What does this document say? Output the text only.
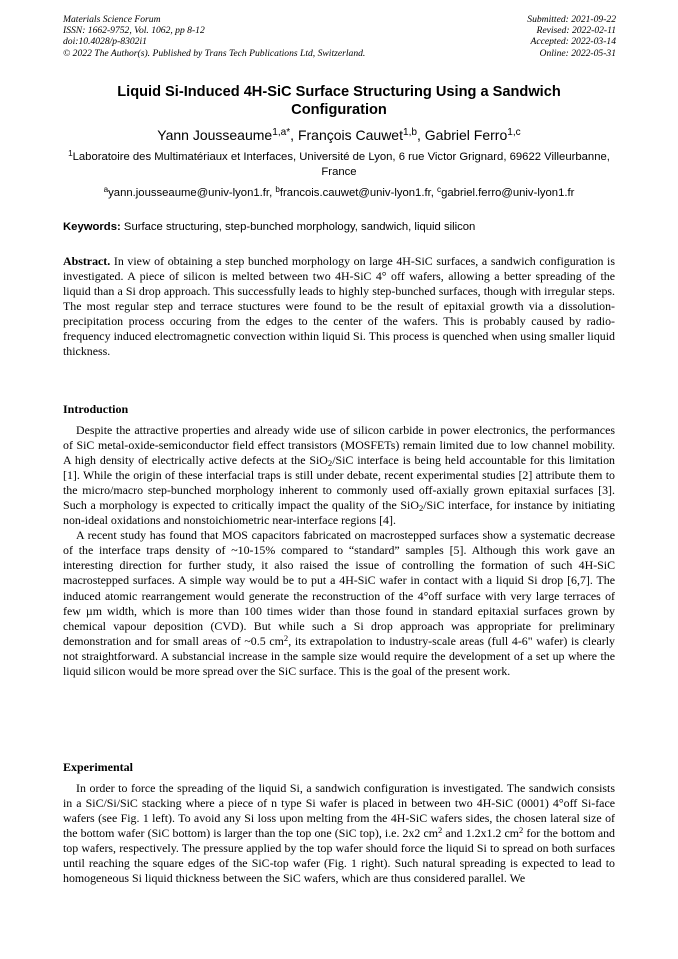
Materials Science Forum
ISSN: 1662-9752, Vol. 1062, pp 8-12
doi:10.4028/p-8302i1
© 2022 The Author(s). Published by Trans Tech Publications Ltd, Switzerland.
Submitted: 2021-09-22
Revised: 2022-02-11
Accepted: 2022-03-14
Online: 2022-05-31
Liquid Si-Induced 4H-SiC Surface Structuring Using a Sandwich
Configuration
Yann Jousseaume$^{1,a*}$, François Cauwet$^{1,b}$, Gabriel Ferro$^{1,c}$
$^1$Laboratoire des Multimatériaux et Interfaces, Université de Lyon, 6 rue Victor Grignard, 69622 Villeurbanne, France
$^a$yann.jousseaume@univ-lyon1.fr, $^b$francois.cauwet@univ-lyon1.fr, $^c$gabriel.ferro@univ-lyon1.fr
Keywords: Surface structuring, step-bunched morphology, sandwich, liquid silicon

Abstract. In view of obtaining a step bunched morphology on large 4H-SiC surfaces, a sandwich configuration is investigated. A piece of silicon is melted between two 4H-SiC 4° off wafers, allowing a better spreading of the liquid than a Si drop approach. This successfully leads to highly step-bunched surfaces, though with irregular steps. The most regular step and terrace stuctures were found to be the result of epitaxial growth via a dissolution-precipitation process occuring from the edges to the center of the wafers. This is probably caused by radio-frequency induced electromagnetic convection within liquid Si. This process is quenched when using smaller liquid thickness.

Introduction

Despite the attractive properties and already wide use of silicon carbide in power electronics, the performances of SiC metal-oxide-semiconductor field effect transistors (MOSFETs) remain limited due to low channel mobility. A high density of electrically active defects at the SiO$_2$/SiC interface is being held accountable for this limitation [1]. While the origin of these interfacial traps is still under debate, recent experimental studies [2] attribute them to the micro/macro step-bunched morphology inherent to commonly used off-axially grown epitaxial surfaces [3]. Such a morphology is expected to critically impact the quality of the SiO$_2$/SiC interface, for instance by initiating non-ideal oxidations and nonstoichiometric near-interface regions [4].

A recent study has found that MOS capacitors fabricated on macrostepped surfaces show a systematic decrease of the interface traps density of ~10-15% compared to “standard” samples [5]. Although this work gave an interesting direction for further study, it also raised the issue of controlling the formation of such 4H-SiC macrostepped surfaces. A simple way would be to put a 4H-SiC wafer in contact with a liquid Si drop [6,7]. The induced atomic rearrangement would generate the reconstruction of the 4°off surface with very large terraces of few µm width, which is more than 100 times wider than those found in standard epitaxial surfaces grown by chemical vapour deposition (CVD). But while such a Si drop approach was appropriate for preliminary demonstration and for small areas of ~0.5 $cm^2$, its extrapolation to industry-scale areas (full 4-6" wafer) is clearly not straightforward. A substancial increase in the sample size would require the development of a set up where the liquid silicon would be more spread over the SiC surface. This is the goal of the present work.

Experimental

In order to force the spreading of the liquid Si, a sandwich configuration is investigated. The sandwich consists in a SiC/Si/SiC stacking where a piece of n type Si wafer is placed in between two 4H-SiC (0001) 4°off Si-face wafers (see Fig. 1 left). To avoid any Si loss upon melting from the 4H-SiC wafers sides, the chosen lateral size of the bottom wafer (SiC bottom) is larger than the top one (SiC top), i.e. 2x2 $cm^2$ and 1.2x1.2 $cm^2$ for the bottom and top wafers, respectively. The pressure applied by the top wafer should force the liquid Si to spread on both surfaces until reaching the square edges of the SiC-top wafer (Fig. 1 right). Such natural spreading is expected to lead to homogeneous Si liquid thickness between the SiC wafers, which are thus considered parallel. We
